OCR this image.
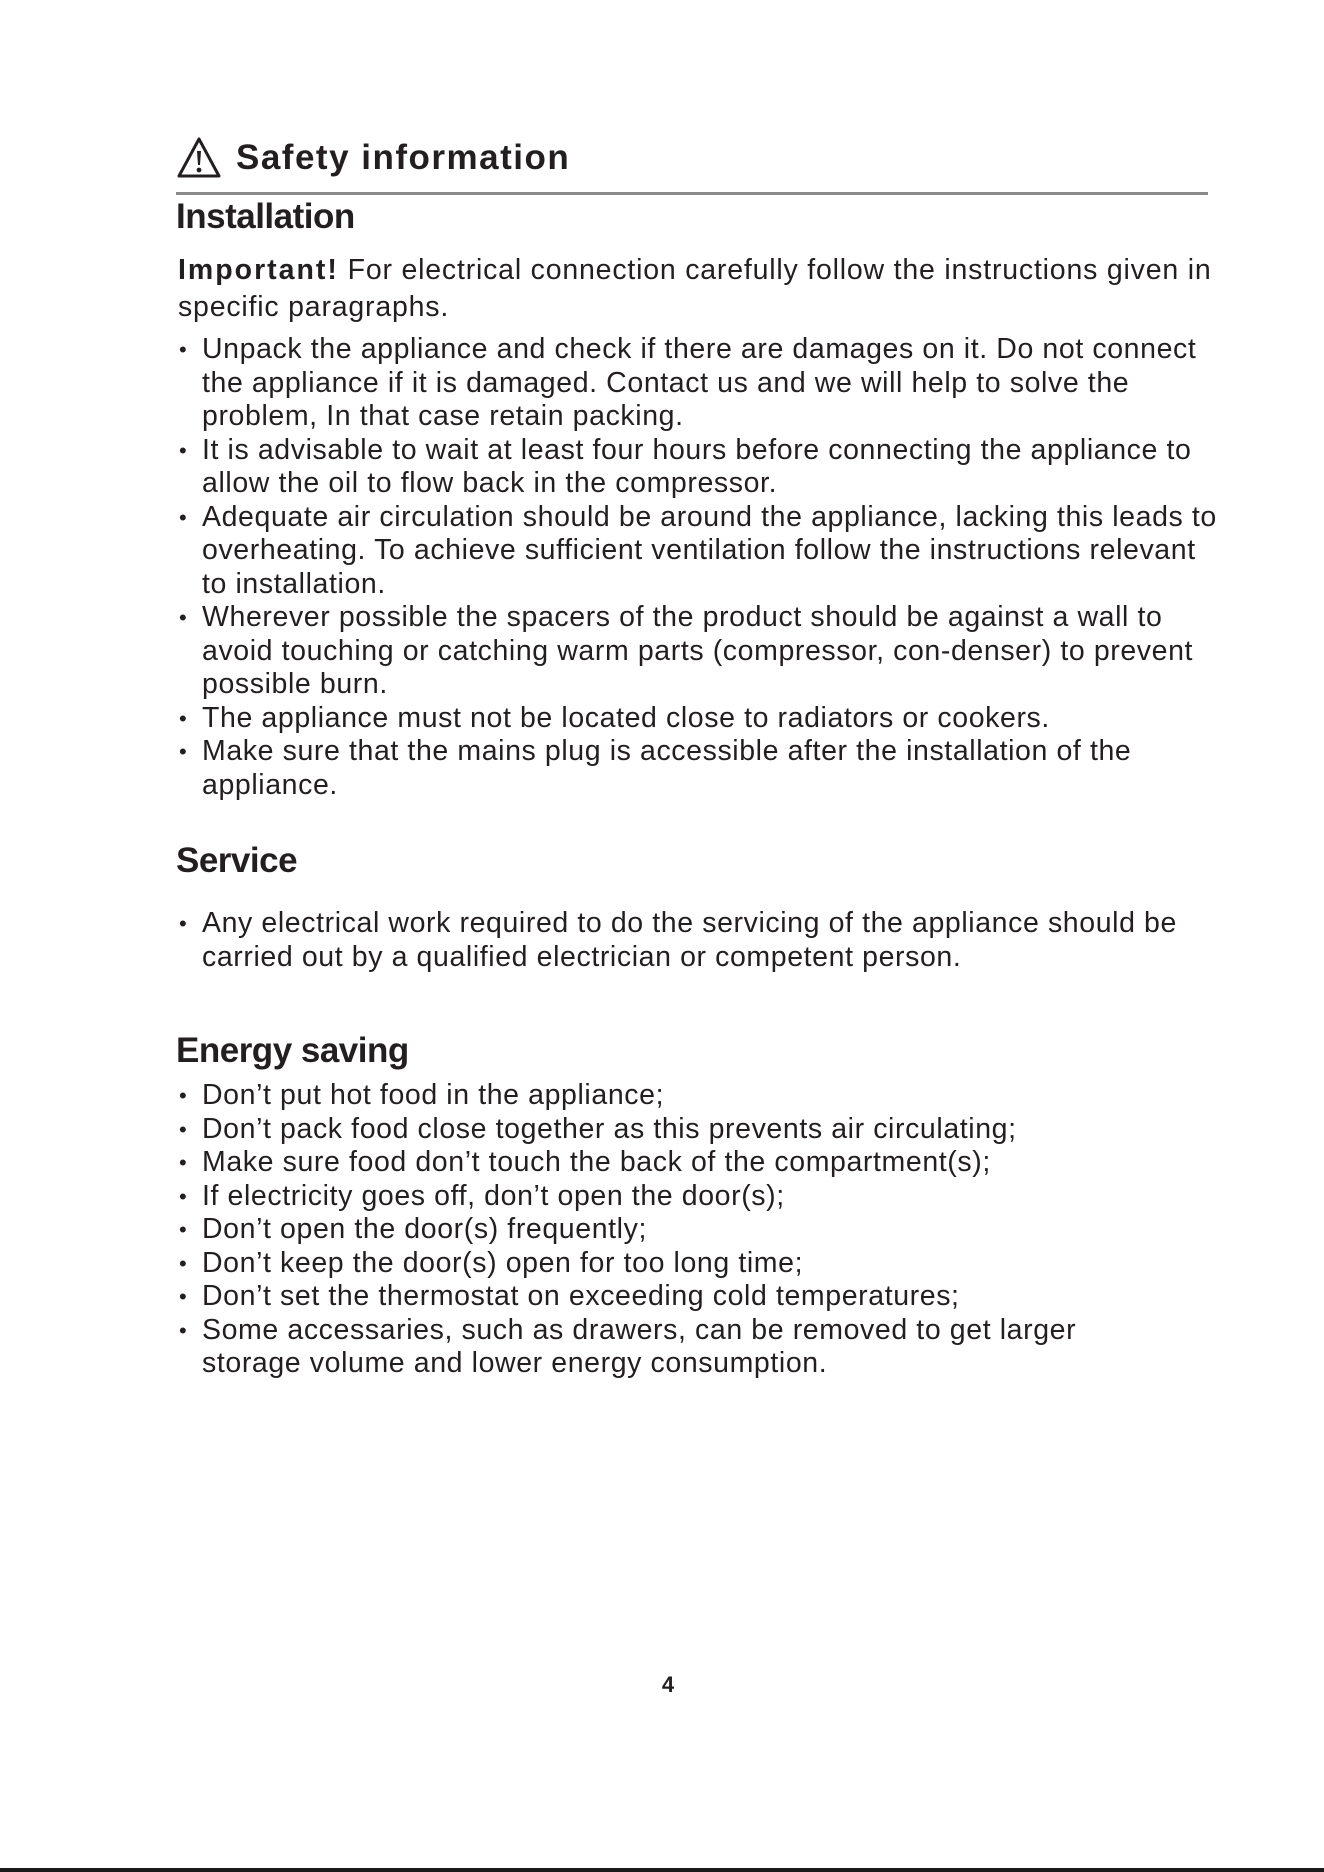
Safety information
Installation
Important! For electrical connection carefully follow the instructions given in specific paragraphs.
• Unpack the appliance and check if there are damages on it. Do not connect the appliance if it is damaged. Contact us and we will help to solve the problem, In that case retain packing.
• It is advisable to wait at least four hours before connecting the appliance to allow the oil to flow back in the compressor.
• Adequate air circulation should be around the appliance, lacking this leads to overheating. To achieve sufficient ventilation follow the instructions relevant to installation.
• Wherever possible the spacers of the product should be against a wall to avoid touching or catching warm parts (compressor, con-denser) to prevent possible burn.
• The appliance must not be located close to radiators or cookers.
• Make sure that the mains plug is accessible after the installation of the appliance.
Service
• Any electrical work required to do the servicing of the appliance should be carried out by a qualified electrician or competent person.
Energy saving
• Don’t put hot food in the appliance;
• Don’t pack food close together as this prevents air circulating;
• Make sure food don’t touch the back of the compartment(s);
• If electricity goes off, don’t open the door(s);
• Don’t open the door(s) frequently;
• Don’t keep the door(s) open for too long time;
• Don’t set the thermostat on exceeding cold temperatures;
• Some accessaries, such as drawers, can be removed to get larger storage volume and lower energy consumption.
4
